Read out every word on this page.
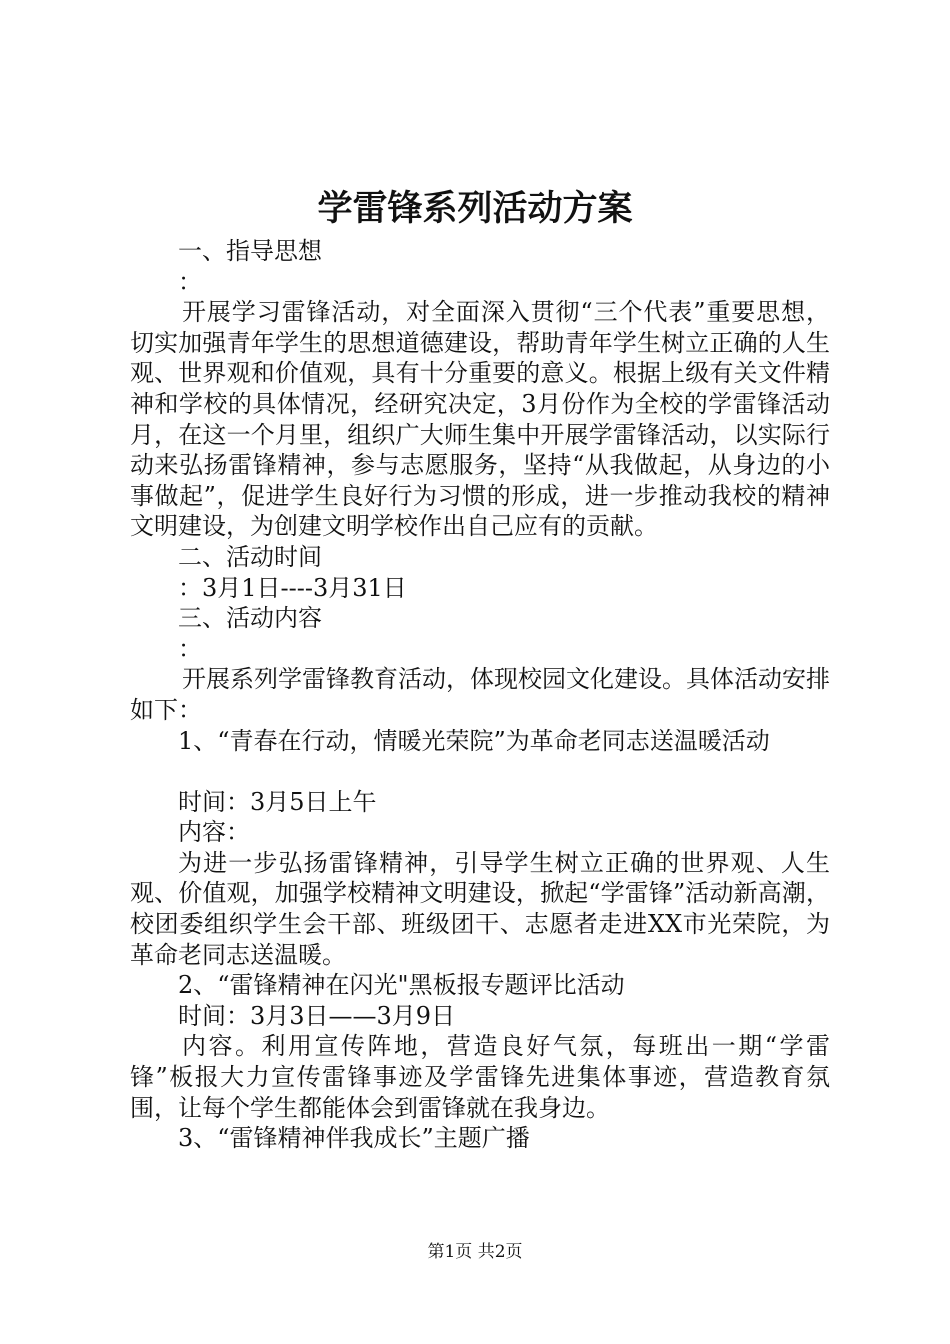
学雷锋系列活动方案

一、指导思想

：

开展学习雷锋活动，对全面深入贯彻“三个代表”重要思想，切实加强青年学生的思想道德建设，帮助青年学生树立正确的人生观、世界观和价值观，具有十分重要的意义。根据上级有关文件精神和学校的具体情况，经研究决定，3月份作为全校的学雷锋活动月，在这一个月里，组织广大师生集中开展学雷锋活动，以实际行动来弘扬雷锋精神，参与志愿服务，坚持“从我做起，从身边的小事做起”，促进学生良好行为习惯的形成，进一步推动我校的精神文明建设，为创建文明学校作出自己应有的贡献。

二、活动时间

：3月1日----3月31日

三、活动内容

：

开展系列学雷锋教育活动，体现校园文化建设。具体活动安排如下：

1、“青春在行动，情暖光荣院”为革命老同志送温暖活动

时间：3月5日上午

内容：

为进一步弘扬雷锋精神，引导学生树立正确的世界观、人生观、价值观，加强学校精神文明建设，掀起“学雷锋”活动新高潮，校团委组织学生会干部、班级团干、志愿者走进XX市光荣院，为革命老同志送温暖。

2、“雷锋精神在闪光"黑板报专题评比活动

时间：3月3日——3月9日

内容。利用宣传阵地，营造良好气氛，每班出一期“学雷锋”板报大力宣传雷锋事迹及学雷锋先进集体事迹，营造教育氛围，让每个学生都能体会到雷锋就在我身边。

3、“雷锋精神伴我成长”主题广播

第1页 共2页
